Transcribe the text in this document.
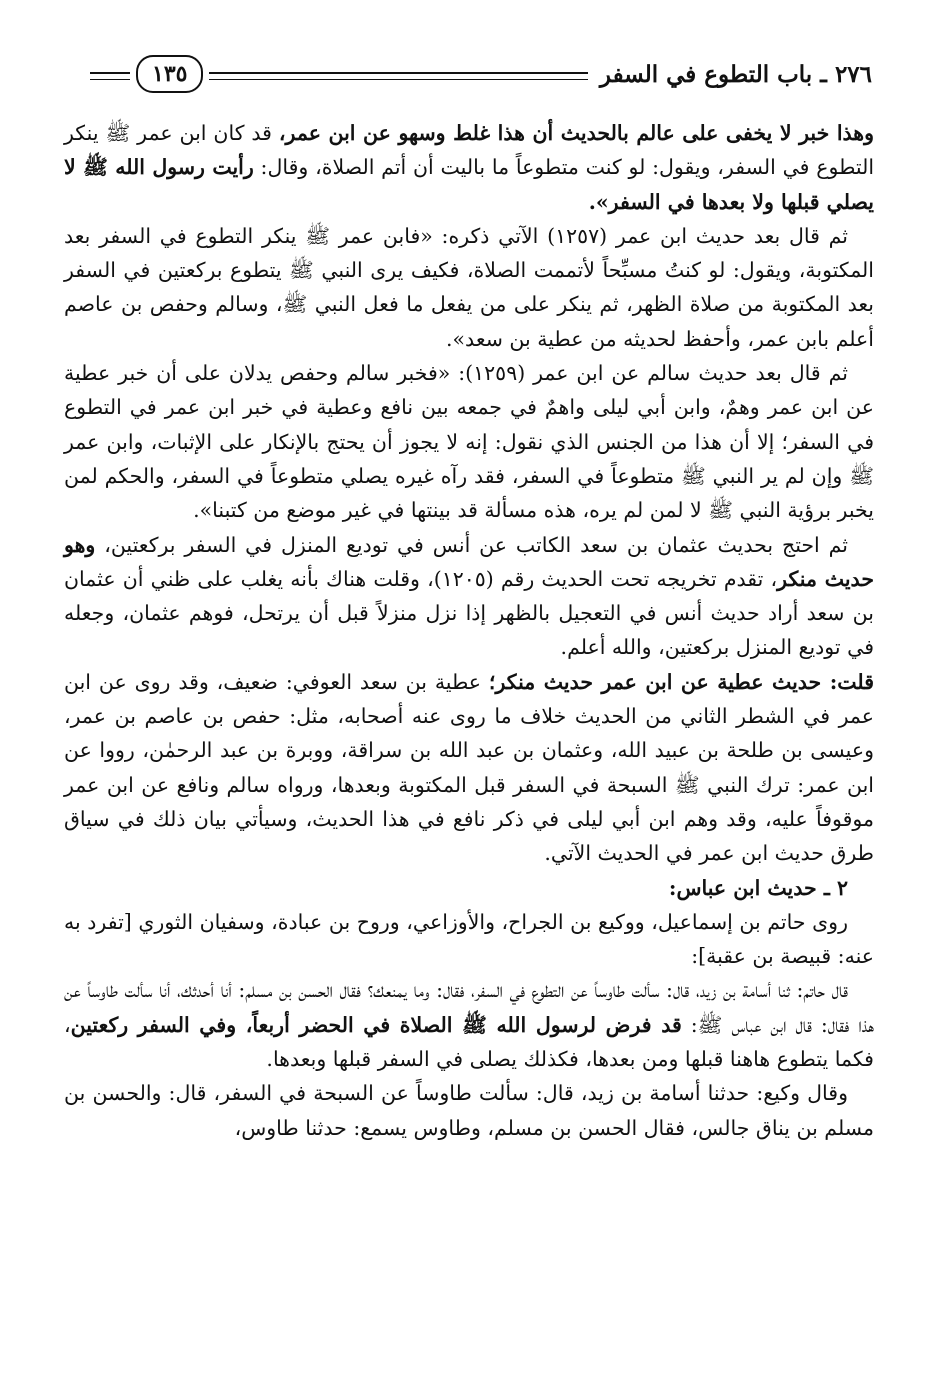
٢٧٦ ـ باب التطوع في السفر
١٣٥

وهذا خبر لا يخفى على عالم بالحديث أن هذا غلط وسهو عن ابن عمر، قد كان ابن عمر ﷺ ينكر التطوع في السفر، ويقول: لو كنت متطوعاً ما باليت أن أتم الصلاة، وقال: رأيت رسول الله ﷺ لا يصلي قبلها ولا بعدها في السفر».

ثم قال بعد حديث ابن عمر (١٢٥٧) الآتي ذكره: «فابن عمر ﷺ ينكر التطوع في السفر بعد المكتوبة، ويقول: لو كنتُ مسبِّحاً لأتممت الصلاة، فكيف يرى النبي ﷺ يتطوع بركعتين في السفر بعد المكتوبة من صلاة الظهر، ثم ينكر على من يفعل ما فعل النبي ﷺ، وسالم وحفص بن عاصم أعلم بابن عمر، وأحفظ لحديثه من عطية بن سعد».

ثم قال بعد حديث سالم عن ابن عمر (١٢٥٩): «فخبر سالم وحفص يدلان على أن خبر عطية عن ابن عمر وهمٌ، وابن أبي ليلى واهمٌ في جمعه بين نافع وعطية في خبر ابن عمر في التطوع في السفر؛ إلا أن هذا من الجنس الذي نقول: إنه لا يجوز أن يحتج بالإنكار على الإثبات، وابن عمر ﷺ وإن لم ير النبي ﷺ متطوعاً في السفر، فقد رآه غيره يصلي متطوعاً في السفر، والحكم لمن يخبر برؤية النبي ﷺ لا لمن لم يره، هذه مسألة قد بينتها في غير موضع من كتبنا».

ثم احتج بحديث عثمان بن سعد الكاتب عن أنس في توديع المنزل في السفر بركعتين، وهو حديث منكر، تقدم تخريجه تحت الحديث رقم (١٢٠٥)، وقلت هناك بأنه يغلب على ظني أن عثمان بن سعد أراد حديث أنس في التعجيل بالظهر إذا نزل منزلاً قبل أن يرتحل، فوهم عثمان، وجعله في توديع المنزل بركعتين، والله أعلم.

قلت: حديث عطية عن ابن عمر حديث منكر؛ عطية بن سعد العوفي: ضعيف، وقد روى عن ابن عمر في الشطر الثاني من الحديث خلاف ما روى عنه أصحابه، مثل: حفص بن عاصم بن عمر، وعيسى بن طلحة بن عبيد الله، وعثمان بن عبد الله بن سراقة، ووبرة بن عبد الرحمٰن، رووا عن ابن عمر: ترك النبي ﷺ السبحة في السفر قبل المكتوبة وبعدها، ورواه سالم ونافع عن ابن عمر موقوفاً عليه، وقد وهم ابن أبي ليلى في ذكر نافع في هذا الحديث، وسيأتي بيان ذلك في سياق طرق حديث ابن عمر في الحديث الآتي.

٢ ـ حديث ابن عباس:

روى حاتم بن إسماعيل، ووكيع بن الجراح، والأوزاعي، وروح بن عبادة، وسفيان الثوري [تفرد به عنه: قبيصة بن عقبة]:

قال حاتم: ثنا أسامة بن زيد، قال: سألت طاوساً عن التطوع في السفر، فقال: وما يمنعك؟ فقال الحسن بن مسلم: أنا أحدثك، أنا سألت طاوساً عن هذا فقال: قال ابن عباس ﷺ: قد فرض لرسول الله ﷺ الصلاة في الحضر أربعاً، وفي السفر ركعتين، فكما يتطوع هاهنا قبلها ومن بعدها، فكذلك يصلى في السفر قبلها وبعدها.

وقال وكيع: حدثنا أسامة بن زيد، قال: سألت طاوساً عن السبحة في السفر، قال: والحسن بن مسلم بن يناق جالس، فقال الحسن بن مسلم، وطاوس يسمع: حدثنا طاوس،
